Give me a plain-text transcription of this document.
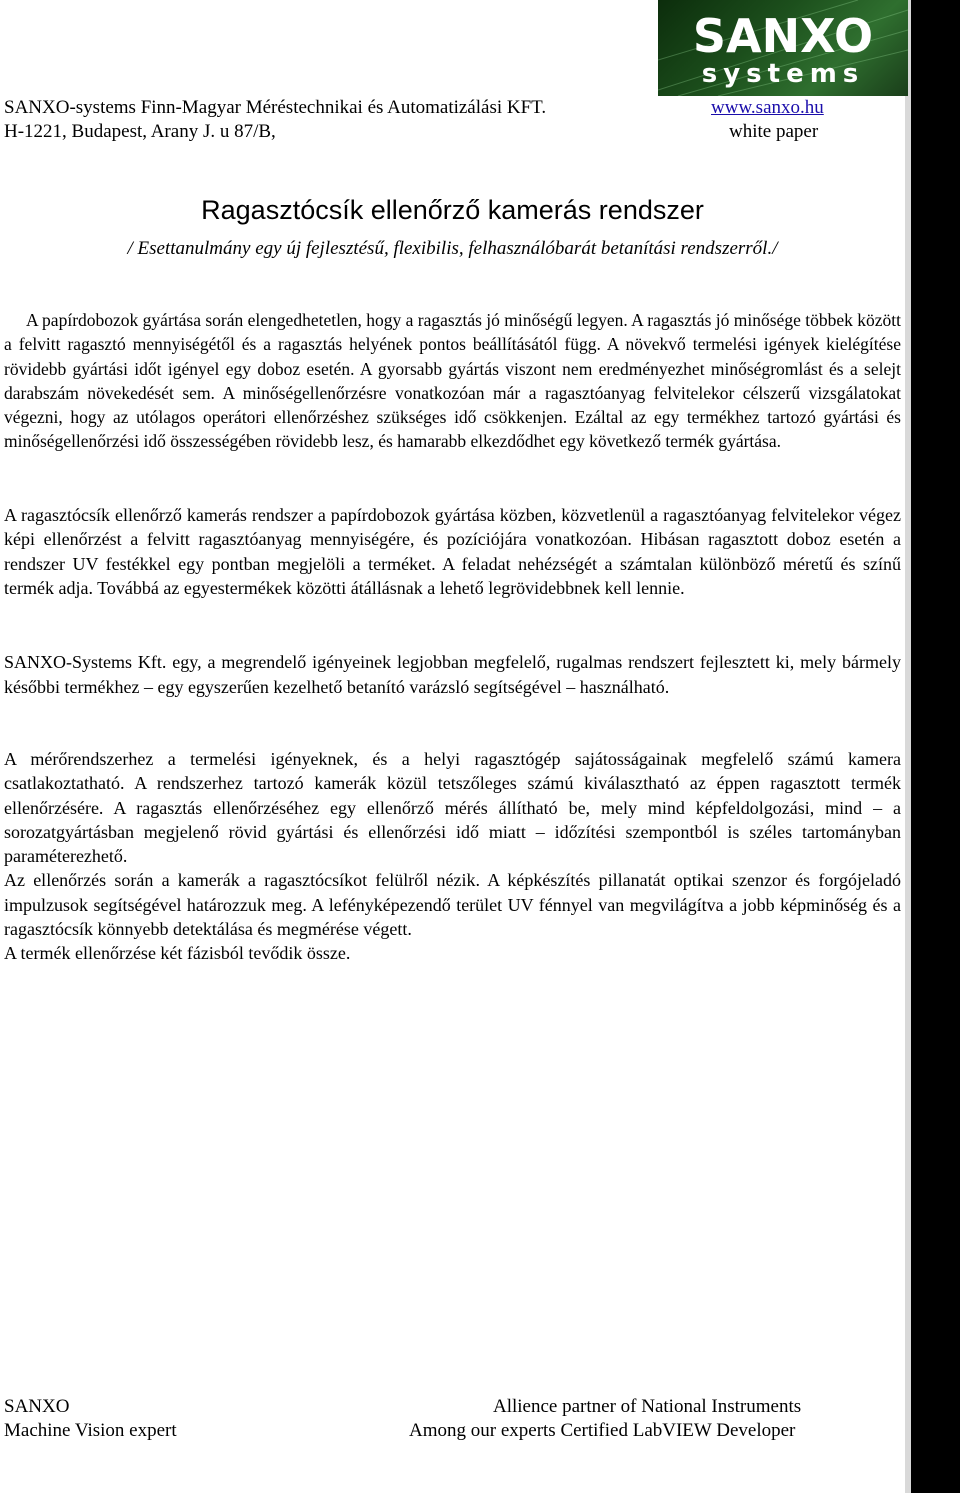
SANXO
systems
SANXO-systems Finn-Magyar Méréstechnikai és Automatizálási KFT.
H-1221, Budapest, Arany J. u 87/B,
www.sanxo.hu
white paper
Ragasztócsík ellenőrző kamerás rendszer
/ Esettanulmány egy új fejlesztésű, flexibilis, felhasználóbarát betanítási rendszerről./

A papírdobozok gyártása során elengedhetetlen, hogy a ragasztás jó minőségű legyen. A ragasztás jó minősége többek között a felvitt ragasztó mennyiségétől és a ragasztás helyének pontos beállításától függ. A növekvő termelési igények kielégítése rövidebb gyártási időt igényel egy doboz esetén. A gyorsabb gyártás viszont nem eredményezhet minőségromlást és a selejt darabszám növekedését sem. A minőségellenőrzésre vonatkozóan már a ragasztóanyag felvitelekor célszerű vizsgálatokat végezni, hogy az utólagos operátori ellenőrzéshez szükséges idő csökkenjen. Ezáltal az egy termékhez tartozó gyártási és minőségellenőrzési idő összességében rövidebb lesz, és hamarabb elkezdődhet egy következő termék gyártása.

A ragasztócsík ellenőrző kamerás rendszer a papírdobozok gyártása közben, közvetlenül a ragasztóanyag felvitelekor végez képi ellenőrzést a felvitt ragasztóanyag mennyiségére, és pozíciójára vonatkozóan. Hibásan ragasztott doboz esetén a rendszer UV festékkel egy pontban megjelöli a terméket. A feladat nehézségét a számtalan különböző méretű és színű termék adja. Továbbá az egyestermékek közötti átállásnak a lehető legrövidebbnek kell lennie.

SANXO-Systems Kft. egy, a megrendelő igényeinek legjobban megfelelő, rugalmas rendszert fejlesztett ki, mely bármely későbbi termékhez – egy egyszerűen kezelhető betanító varázsló segítségével – használható.

A mérőrendszerhez a termelési igényeknek, és a helyi ragasztógép sajátosságainak megfelelő számú kamera csatlakoztatható. A rendszerhez tartozó kamerák közül tetszőleges számú kiválasztható az éppen ragasztott termék ellenőrzésére. A ragasztás ellenőrzéséhez egy ellenőrző mérés állítható be, mely mind képfeldolgozási, mind – a sorozatgyártásban megjelenő rövid gyártási és ellenőrzési idő miatt – időzítési szempontból is széles tartományban paraméterezhető.

Az ellenőrzés során a kamerák a ragasztócsíkot felülről nézik. A képkészítés pillanatát optikai szenzor és forgójeladó impulzusok segítségével határozzuk meg. A lefényképezendő terület UV fénnyel van megvilágítva a jobb képminőség és a ragasztócsík könnyebb detektálása és megmérése végett.

A termék ellenőrzése két fázisból tevődik össze.

SANXO
Machine Vision expert
Allience partner of National Instruments
Among our experts Certified LabVIEW Developer
